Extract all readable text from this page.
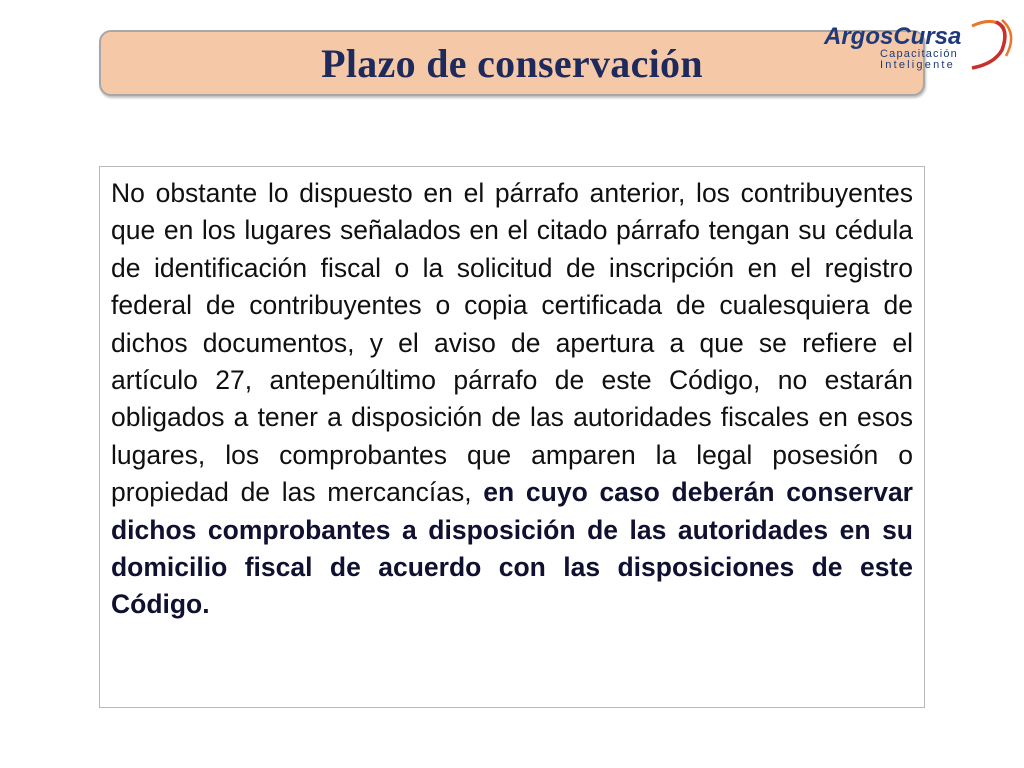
Plazo de conservación
ArgosCursa
Capacitación
Inteligente

No obstante lo dispuesto en el párrafo anterior, los contribuyentes que en los lugares señalados en el citado párrafo tengan su cédula de identificación fiscal o la solicitud de inscripción en el registro federal de contribuyentes o copia certificada de cualesquiera de dichos documentos, y el aviso de apertura a que se refiere el artículo 27, antepenúltimo párrafo de este Código, no estarán obligados a tener a disposición de las autoridades fiscales en esos lugares, los comprobantes que amparen la legal posesión o propiedad de las mercancías, en cuyo caso deberán conservar dichos comprobantes a disposición de las autoridades en su domicilio fiscal de acuerdo con las disposiciones de este Código.
